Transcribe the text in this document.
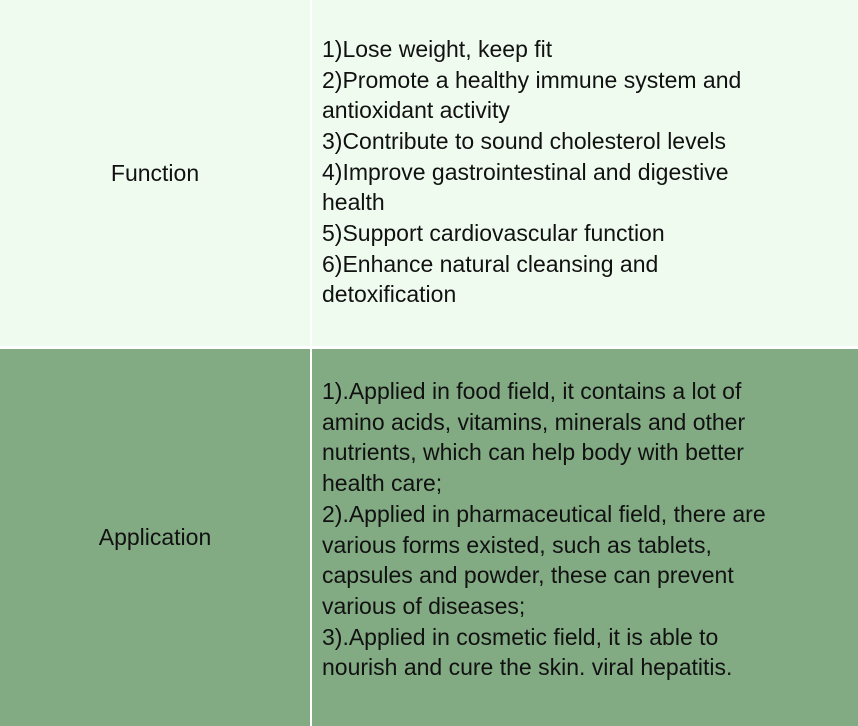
Function
1)Lose weight, keep fit
2)Promote a healthy immune system and
antioxidant activity
3)Contribute to sound cholesterol levels
4)Improve gastrointestinal and digestive
health
5)Support cardiovascular function
6)Enhance natural cleansing and
detoxification
Application
1).Applied in food field, it contains a lot of
amino acids, vitamins, minerals and other
nutrients, which can help body with better
health care;
2).Applied in pharmaceutical field, there are
various forms existed, such as tablets,
capsules and powder, these can prevent
various of diseases;
3).Applied in cosmetic field, it is able to
nourish and cure the skin. viral hepatitis.
